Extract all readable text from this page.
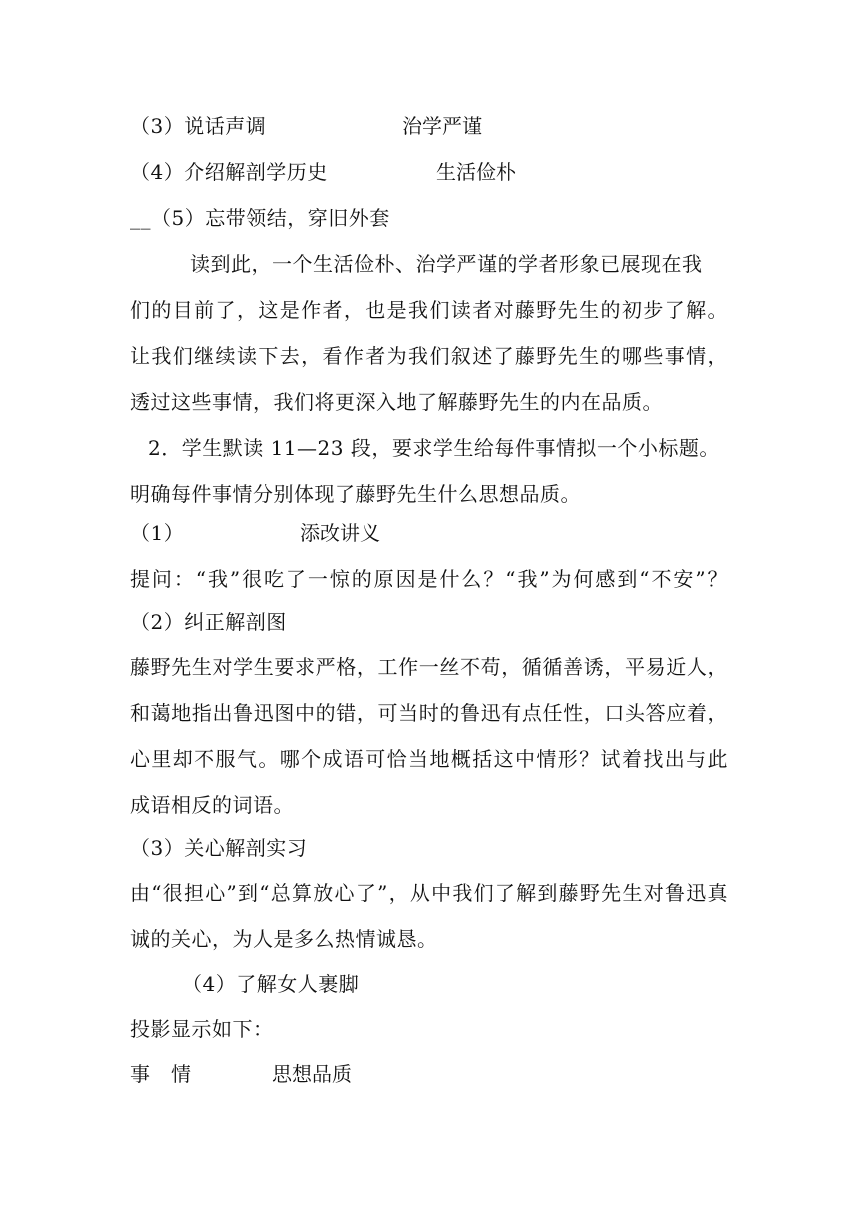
（3）说话声调	治学严谨
（4）介绍解剖学历史	生活俭朴
__（5）忘带领结，穿旧外套
读到此，一个生活俭朴、治学严谨的学者形象已展现在我
们的目前了，这是作者，也是我们读者对藤野先生的初步了解。
让我们继续读下去，看作者为我们叙述了藤野先生的哪些事情，
透过这些事情，我们将更深入地了解藤野先生的内在品质。
2．学生默读 11—23 段，要求学生给每件事情拟一个小标题。
明确每件事情分别体现了藤野先生什么思想品质。
（1）	添改讲义
提问：“我”很吃了一惊的原因是什么？“我”为何感到“不安”？
（2）纠正解剖图
藤野先生对学生要求严格，工作一丝不苟，循循善诱，平易近人，
和蔼地指出鲁迅图中的错，可当时的鲁迅有点任性，口头答应着，
心里却不服气。哪个成语可恰当地概括这中情形？试着找出与此
成语相反的词语。
（3）关心解剖实习
由“很担心”到“总算放心了”，从中我们了解到藤野先生对鲁迅真
诚的关心，为人是多么热情诚恳。
（4）了解女人裹脚
投影显示如下：
事　情	思想品质
